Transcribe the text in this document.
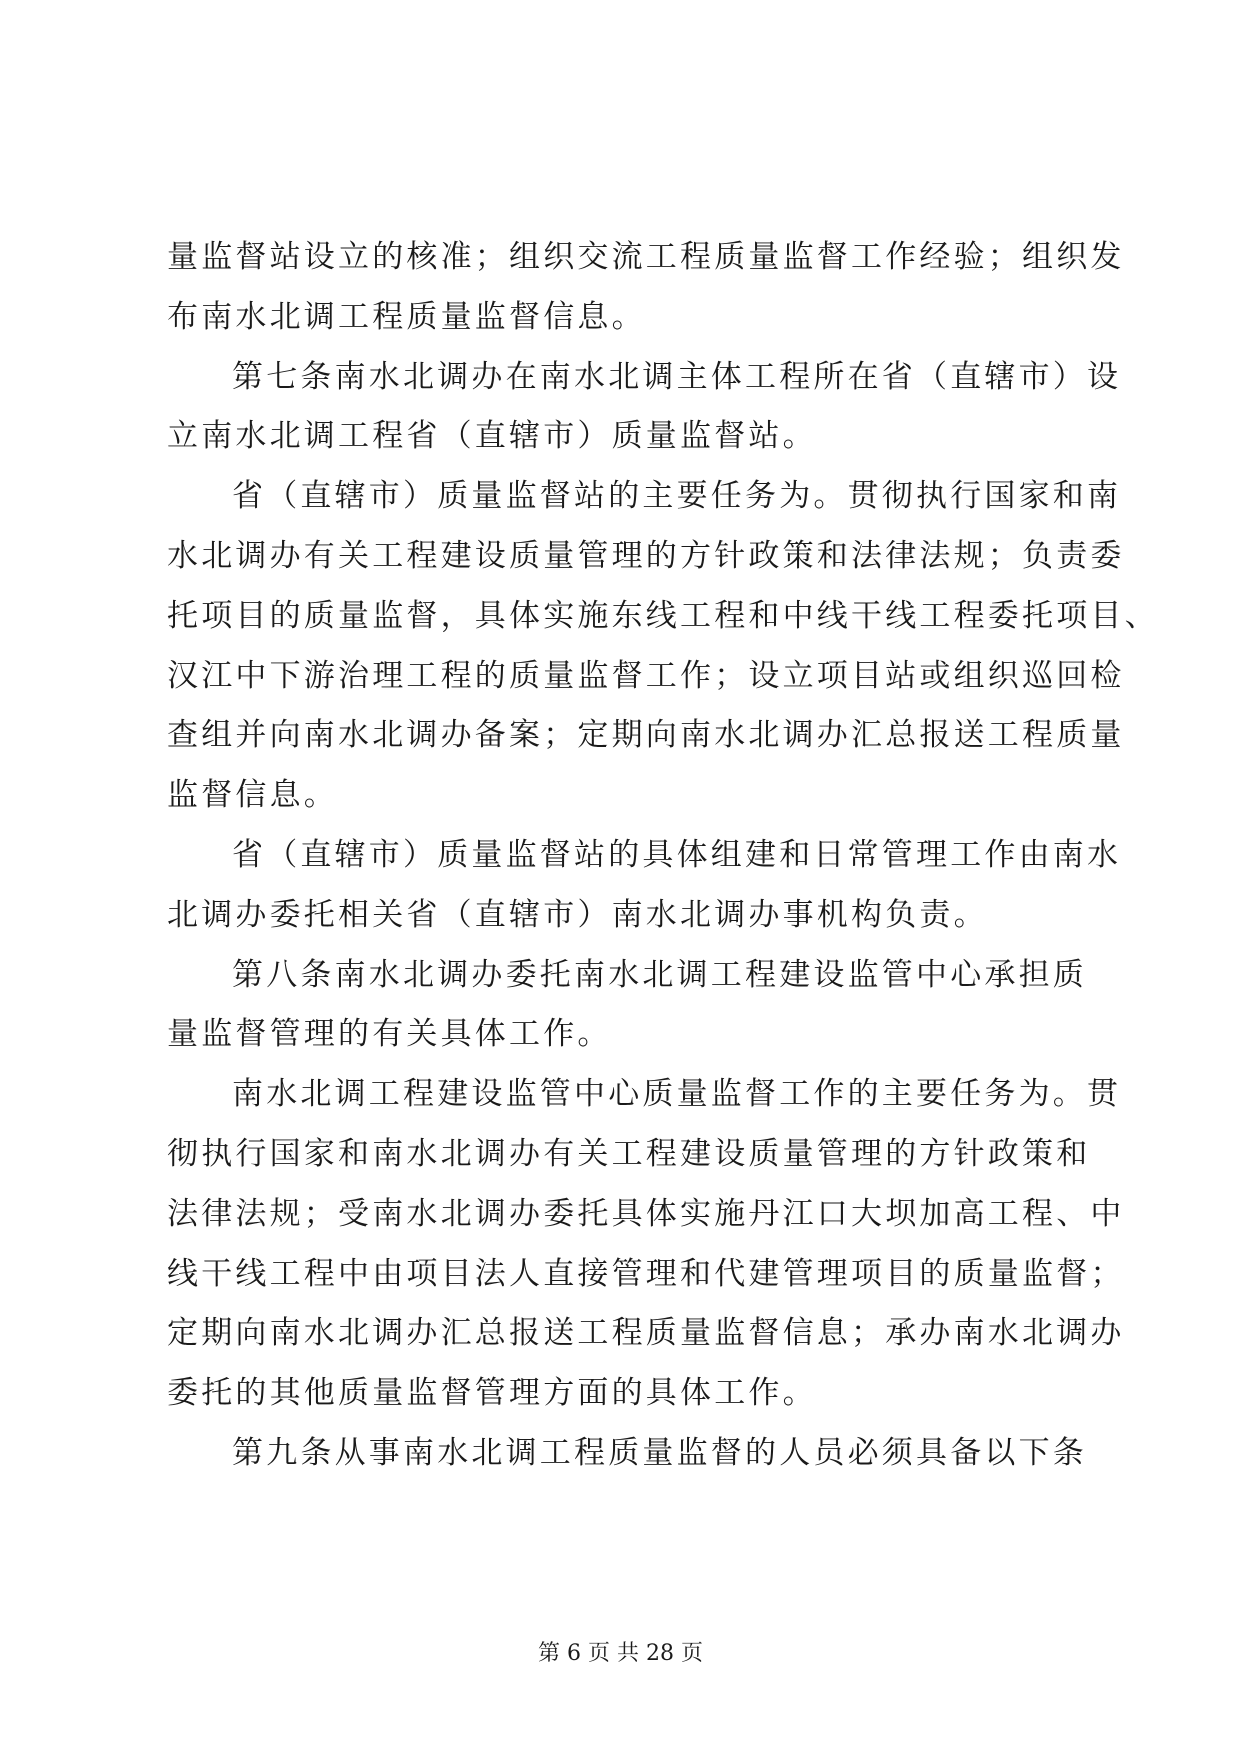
量监督站设立的核准；组织交流工程质量监督工作经验；组织发
布南水北调工程质量监督信息。
第七条南水北调办在南水北调主体工程所在省（直辖市）设
立南水北调工程省（直辖市）质量监督站。
省（直辖市）质量监督站的主要任务为。贯彻执行国家和南
水北调办有关工程建设质量管理的方针政策和法律法规；负责委
托项目的质量监督，具体实施东线工程和中线干线工程委托项目、
汉江中下游治理工程的质量监督工作；设立项目站或组织巡回检
查组并向南水北调办备案；定期向南水北调办汇总报送工程质量
监督信息。
省（直辖市）质量监督站的具体组建和日常管理工作由南水
北调办委托相关省（直辖市）南水北调办事机构负责。
第八条南水北调办委托南水北调工程建设监管中心承担质
量监督管理的有关具体工作。
南水北调工程建设监管中心质量监督工作的主要任务为。贯
彻执行国家和南水北调办有关工程建设质量管理的方针政策和
法律法规；受南水北调办委托具体实施丹江口大坝加高工程、中
线干线工程中由项目法人直接管理和代建管理项目的质量监督；
定期向南水北调办汇总报送工程质量监督信息；承办南水北调办
委托的其他质量监督管理方面的具体工作。
第九条从事南水北调工程质量监督的人员必须具备以下条
第 6 页 共 28 页
